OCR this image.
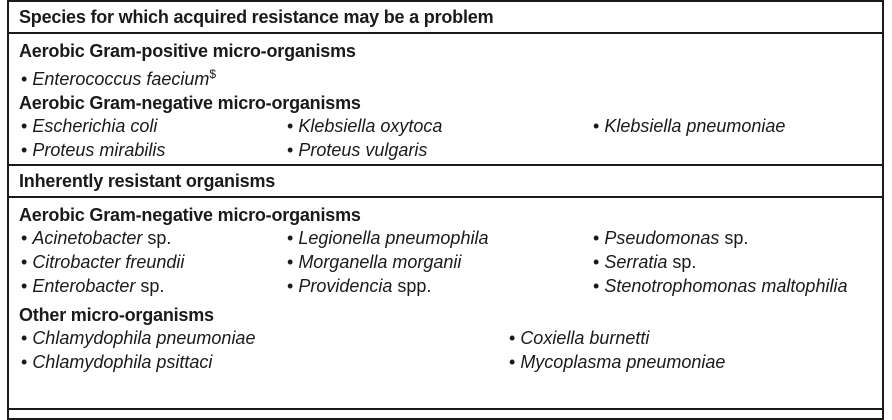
Species for which acquired resistance may be a problem
Aerobic Gram-positive micro-organisms
• Enterococcus faecium$
Aerobic Gram-negative micro-organisms
• Escherichia coli	• Klebsiella oxytoca	• Klebsiella pneumoniae
• Proteus mirabilis	• Proteus vulgaris
Inherently resistant organisms
Aerobic Gram-negative micro-organisms
• Acinetobacter sp.	• Legionella pneumophila	• Pseudomonas sp.
• Citrobacter freundii	• Morganella morganii	• Serratia sp.
• Enterobacter sp.	• Providencia spp.	• Stenotrophomonas maltophilia
Other micro-organisms
• Chlamydophila pneumoniae	• Coxiella burnetti
• Chlamydophila psittaci	• Mycoplasma pneumoniae
